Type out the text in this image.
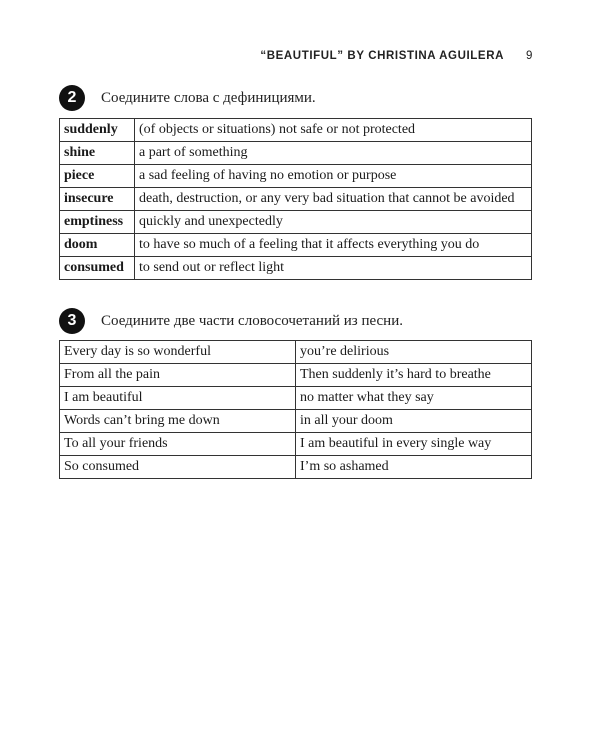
“BEAUTIFUL” BY CHRISTINA AGUILERA 9
2	Соедините слова с дефинициями.
suddenly	(of objects or situations) not safe or not protected
shine	a part of something
piece	a sad feeling of having no emotion or purpose
insecure	death, destruction, or any very bad situation that cannot be avoided
emptiness	quickly and unexpectedly
doom	to have so much of a feeling that it affects everything you do
consumed	to send out or reflect light
3	Соедините две части словосочетаний из песни.
Every day is so wonderful	you’re delirious
From all the pain	Then suddenly it’s hard to breathe
I am beautiful	no matter what they say
Words can’t bring me down	in all your doom
To all your friends	I am beautiful in every single way
So consumed	I’m so ashamed
